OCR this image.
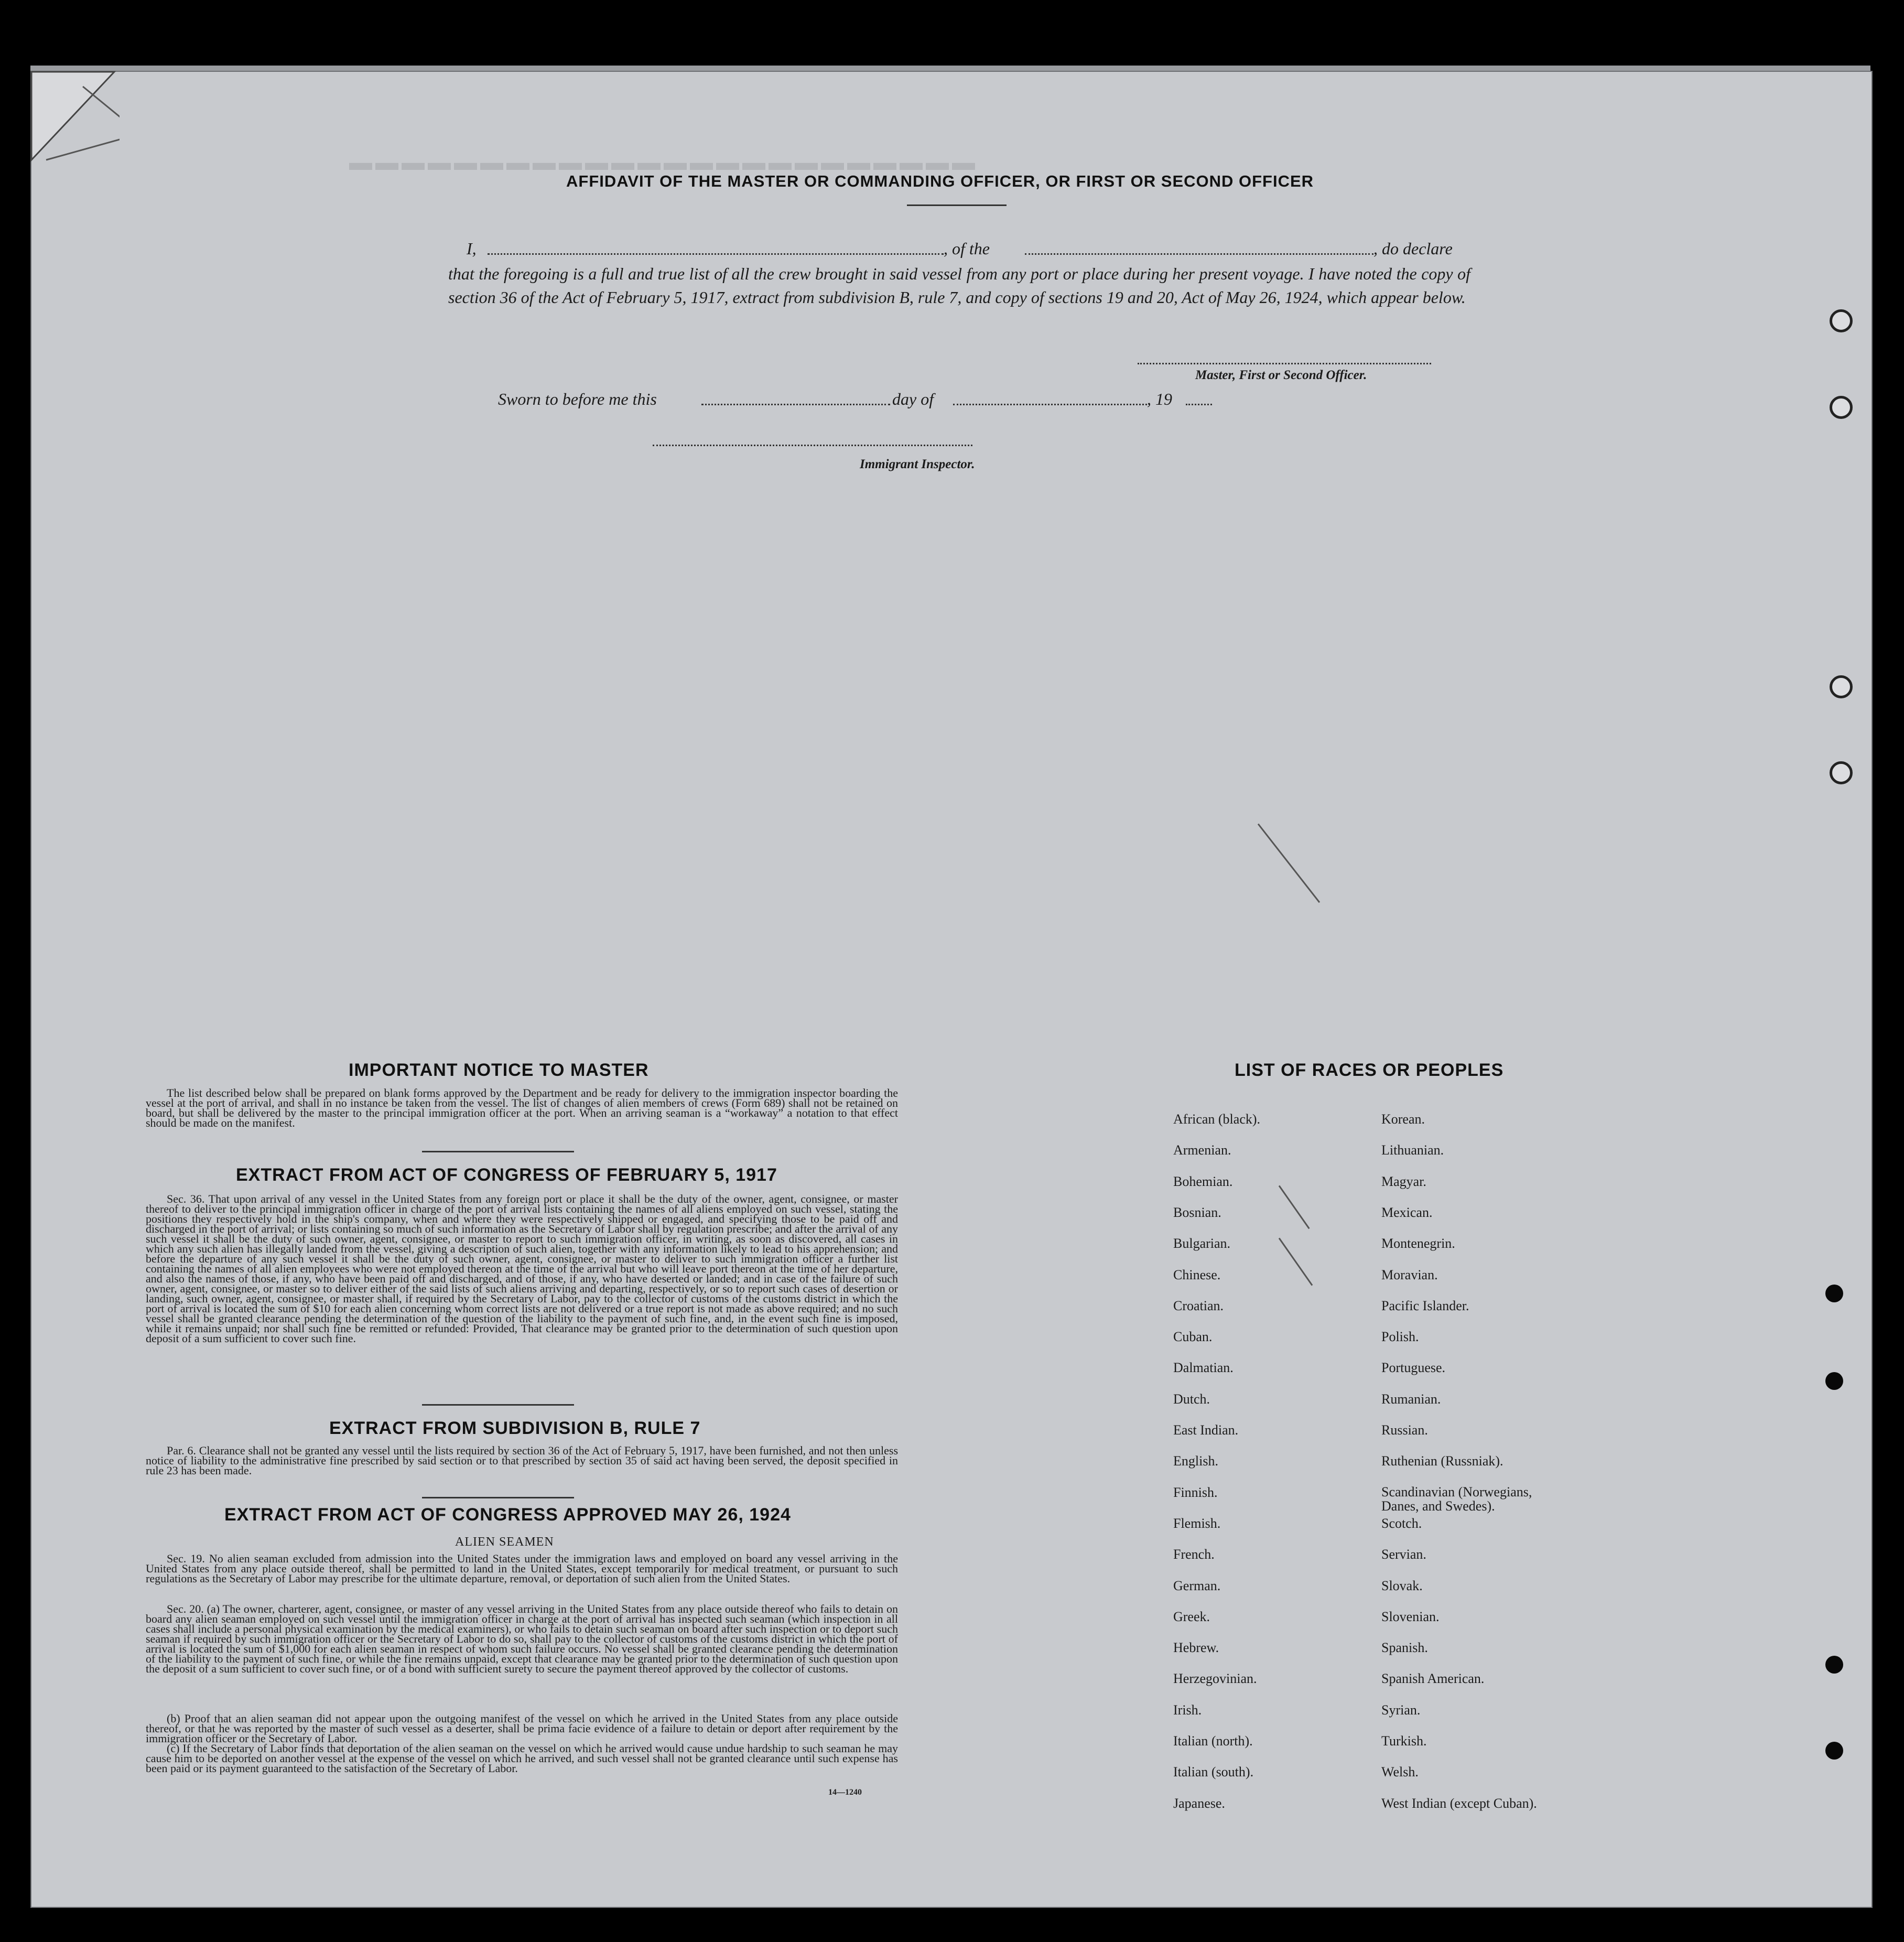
▬▬▬▬▬▬▬▬▬▬▬▬▬▬▬▬▬▬▬▬▬▬▬▬
AFFIDAVIT OF THE MASTER OR COMMANDING OFFICER, OR FIRST OR SECOND OFFICER
I,	, of the	, do declare
that the foregoing is a full and true list of all the crew brought in said vessel from any port or place during her present voyage. I have noted the copy of section 36 of the Act of February 5, 1917, extract from subdivision B, rule 7, and copy of sections 19 and 20, Act of May 26, 1924, which appear below.
Master, First or Second Officer.
Sworn to before me this	day of	, 19
Immigrant Inspector.
IMPORTANT NOTICE TO MASTER
The list described below shall be prepared on blank forms approved by the Department and be ready for delivery to the immigration inspector boarding the vessel at the port of arrival, and shall in no instance be taken from the vessel. The list of changes of alien members of crews (Form 689) shall not be retained on board, but shall be delivered by the master to the principal immigration officer at the port. When an arriving seaman is a “workaway” a notation to that effect should be made on the manifest.
EXTRACT FROM ACT OF CONGRESS OF FEBRUARY 5, 1917
Sec. 36. That upon arrival of any vessel in the United States from any foreign port or place it shall be the duty of the owner, agent, consignee, or master thereof to deliver to the principal immigration officer in charge of the port of arrival lists containing the names of all aliens employed on such vessel, stating the positions they respectively hold in the ship's company, when and where they were respectively shipped or engaged, and specifying those to be paid off and discharged in the port of arrival; or lists containing so much of such information as the Secretary of Labor shall by regulation prescribe; and after the arrival of any such vessel it shall be the duty of such owner, agent, consignee, or master to report to such immigration officer, in writing, as soon as discovered, all cases in which any such alien has illegally landed from the vessel, giving a description of such alien, together with any information likely to lead to his apprehension; and before the departure of any such vessel it shall be the duty of such owner, agent, consignee, or master to deliver to such immigration officer a further list containing the names of all alien employees who were not employed thereon at the time of the arrival but who will leave port thereon at the time of her departure, and also the names of those, if any, who have been paid off and discharged, and of those, if any, who have deserted or landed; and in case of the failure of such owner, agent, consignee, or master so to deliver either of the said lists of such aliens arriving and departing, respectively, or so to report such cases of desertion or landing, such owner, agent, consignee, or master shall, if required by the Secretary of Labor, pay to the collector of customs of the customs district in which the port of arrival is located the sum of $10 for each alien concerning whom correct lists are not delivered or a true report is not made as above required; and no such vessel shall be granted clearance pending the determination of the question of the liability to the payment of such fine, and, in the event such fine is imposed, while it remains unpaid; nor shall such fine be remitted or refunded: Provided, That clearance may be granted prior to the determination of such question upon deposit of a sum sufficient to cover such fine.
EXTRACT FROM SUBDIVISION B, RULE 7
Par. 6. Clearance shall not be granted any vessel until the lists required by section 36 of the Act of February 5, 1917, have been furnished, and not then unless notice of liability to the administrative fine prescribed by said section or to that prescribed by section 35 of said act having been served, the deposit specified in rule 23 has been made.
EXTRACT FROM ACT OF CONGRESS APPROVED MAY 26, 1924
ALIEN SEAMEN
Sec. 19. No alien seaman excluded from admission into the United States under the immigration laws and employed on board any vessel arriving in the United States from any place outside thereof, shall be permitted to land in the United States, except temporarily for medical treatment, or pursuant to such regulations as the Secretary of Labor may prescribe for the ultimate departure, removal, or deportation of such alien from the United States.
Sec. 20. (a) The owner, charterer, agent, consignee, or master of any vessel arriving in the United States from any place outside thereof who fails to detain on board any alien seaman employed on such vessel until the immigration officer in charge at the port of arrival has inspected such seaman (which inspection in all cases shall include a personal physical examination by the medical examiners), or who fails to detain such seaman on board after such inspection or to deport such seaman if required by such immigration officer or the Secretary of Labor to do so, shall pay to the collector of customs of the customs district in which the port of arrival is located the sum of $1,000 for each alien seaman in respect of whom such failure occurs. No vessel shall be granted clearance pending the determination of the liability to the payment of such fine, or while the fine remains unpaid, except that clearance may be granted prior to the determination of such question upon the deposit of a sum sufficient to cover such fine, or of a bond with sufficient surety to secure the payment thereof approved by the collector of customs.
(b) Proof that an alien seaman did not appear upon the outgoing manifest of the vessel on which he arrived in the United States from any place outside thereof, or that he was reported by the master of such vessel as a deserter, shall be prima facie evidence of a failure to detain or deport after requirement by the immigration officer or the Secretary of Labor.
(c) If the Secretary of Labor finds that deportation of the alien seaman on the vessel on which he arrived would cause undue hardship to such seaman he may cause him to be deported on another vessel at the expense of the vessel on which he arrived, and such vessel shall not be granted clearance until such expense has been paid or its payment guaranteed to the satisfaction of the Secretary of Labor.
14—1240
LIST OF RACES OR PEOPLES
African (black).
Armenian.
Bohemian.
Bosnian.
Bulgarian.
Chinese.
Croatian.
Cuban.
Dalmatian.
Dutch.
East Indian.
English.
Finnish.
Flemish.
French.
German.
Greek.
Hebrew.
Herzegovinian.
Irish.
Italian (north).
Italian (south).
Japanese.
Korean.
Lithuanian.
Magyar.
Mexican.
Montenegrin.
Moravian.
Pacific Islander.
Polish.
Portuguese.
Rumanian.
Russian.
Ruthenian (Russniak).
Scandinavian (Norwegians, Danes, and Swedes).
Scotch.
Servian.
Slovak.
Slovenian.
Spanish.
Spanish American.
Syrian.
Turkish.
Welsh.
West Indian (except Cuban).
